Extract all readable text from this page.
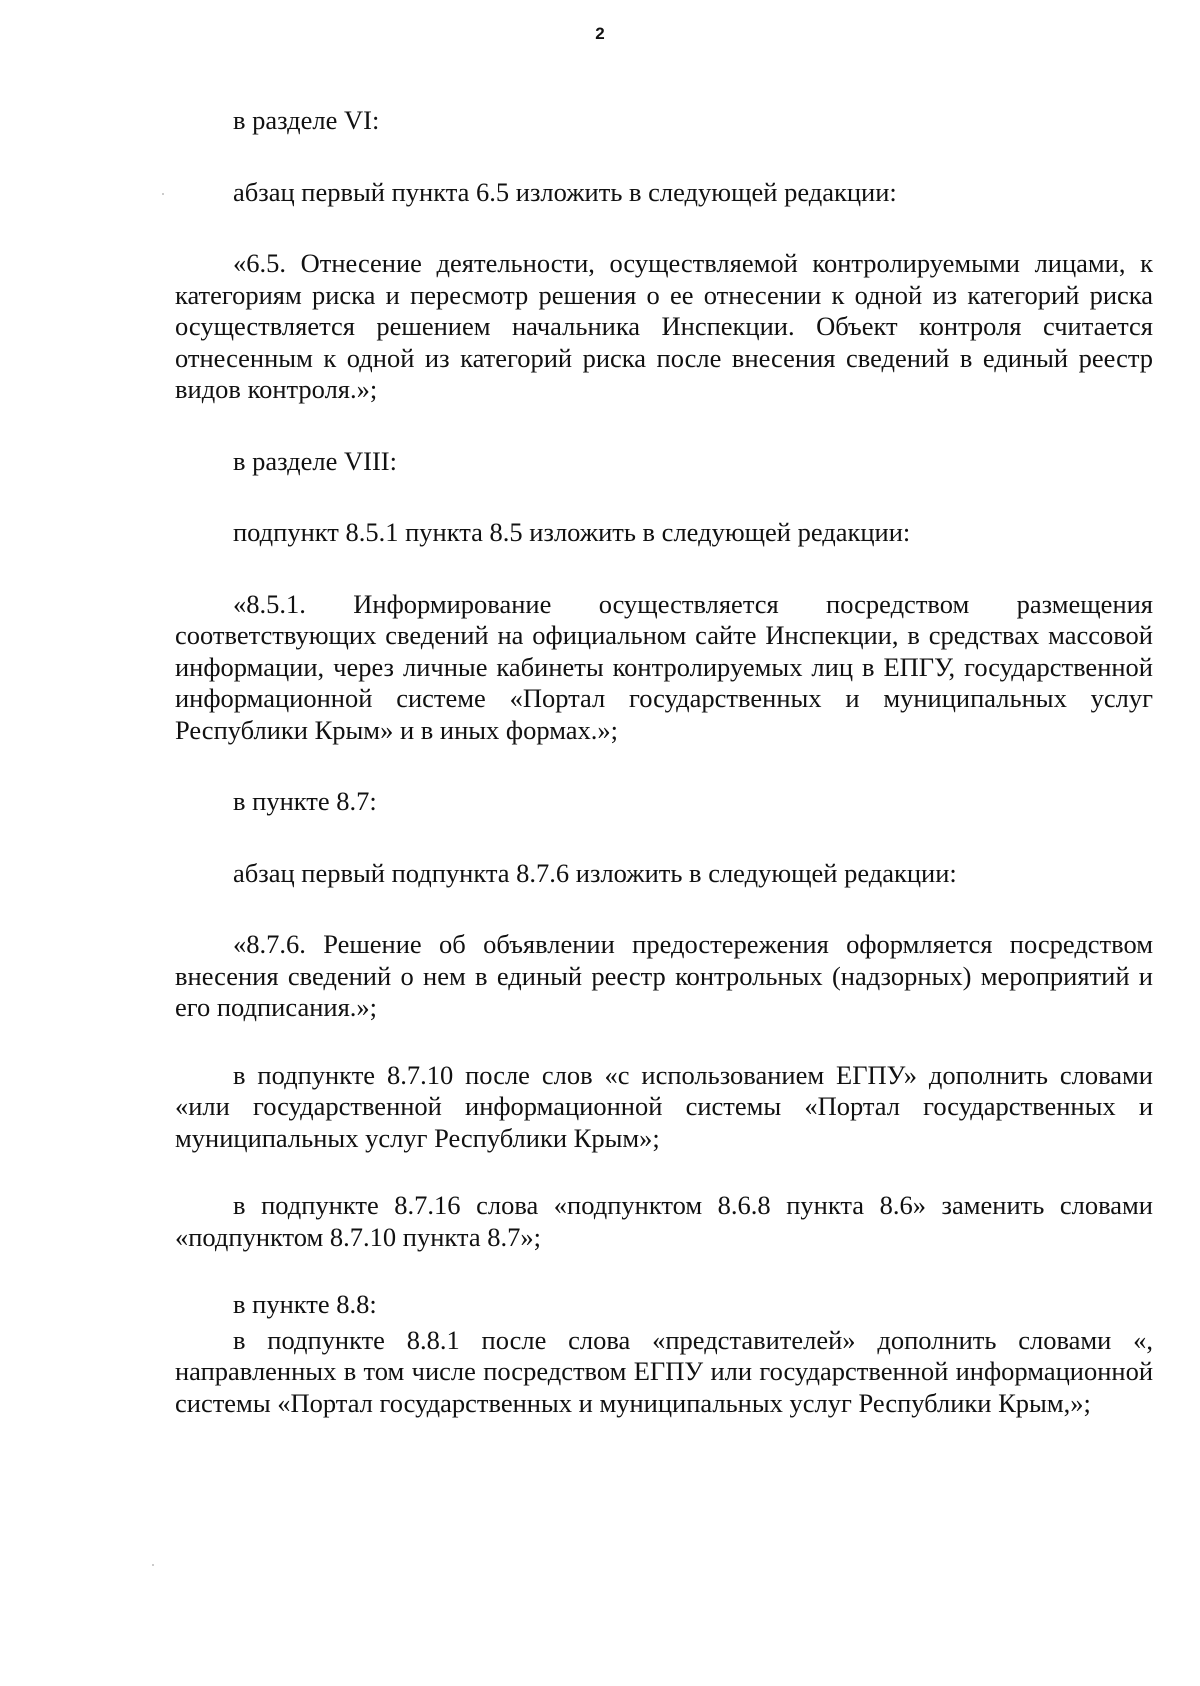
2

в разделе VI:

абзац первый пункта 6.5 изложить в следующей редакции:

«6.5. Отнесение деятельности, осуществляемой контролируемыми лицами, к категориям риска и пересмотр решения о ее отнесении к одной из категорий риска осуществляется решением начальника Инспекции. Объект контроля считается отнесенным к одной из категорий риска после внесения сведений в единый реестр видов контроля.»;

в разделе VIII:

подпункт 8.5.1 пункта 8.5 изложить в следующей редакции:

«8.5.1. Информирование осуществляется посредством размещения соответствующих сведений на официальном сайте Инспекции, в средствах массовой информации, через личные кабинеты контролируемых лиц в ЕПГУ, государственной информационной системе «Портал государственных и муниципальных услуг Республики Крым» и в иных формах.»;

в пункте 8.7:

абзац первый подпункта 8.7.6 изложить в следующей редакции:

«8.7.6. Решение об объявлении предостережения оформляется посредством внесения сведений о нем в единый реестр контрольных (надзорных) мероприятий и его подписания.»;

в подпункте 8.7.10 после слов «с использованием ЕГПУ» дополнить словами «или государственной информационной системы «Портал государственных и муниципальных услуг Республики Крым»;

в подпункте 8.7.16 слова «подпунктом 8.6.8 пункта 8.6» заменить словами «подпунктом 8.7.10 пункта 8.7»;

в пункте 8.8:

в подпункте 8.8.1 после слова «представителей» дополнить словами «, направленных в том числе посредством ЕГПУ или государственной информационной системы «Портал государственных и муниципальных услуг Республики Крым,»;
